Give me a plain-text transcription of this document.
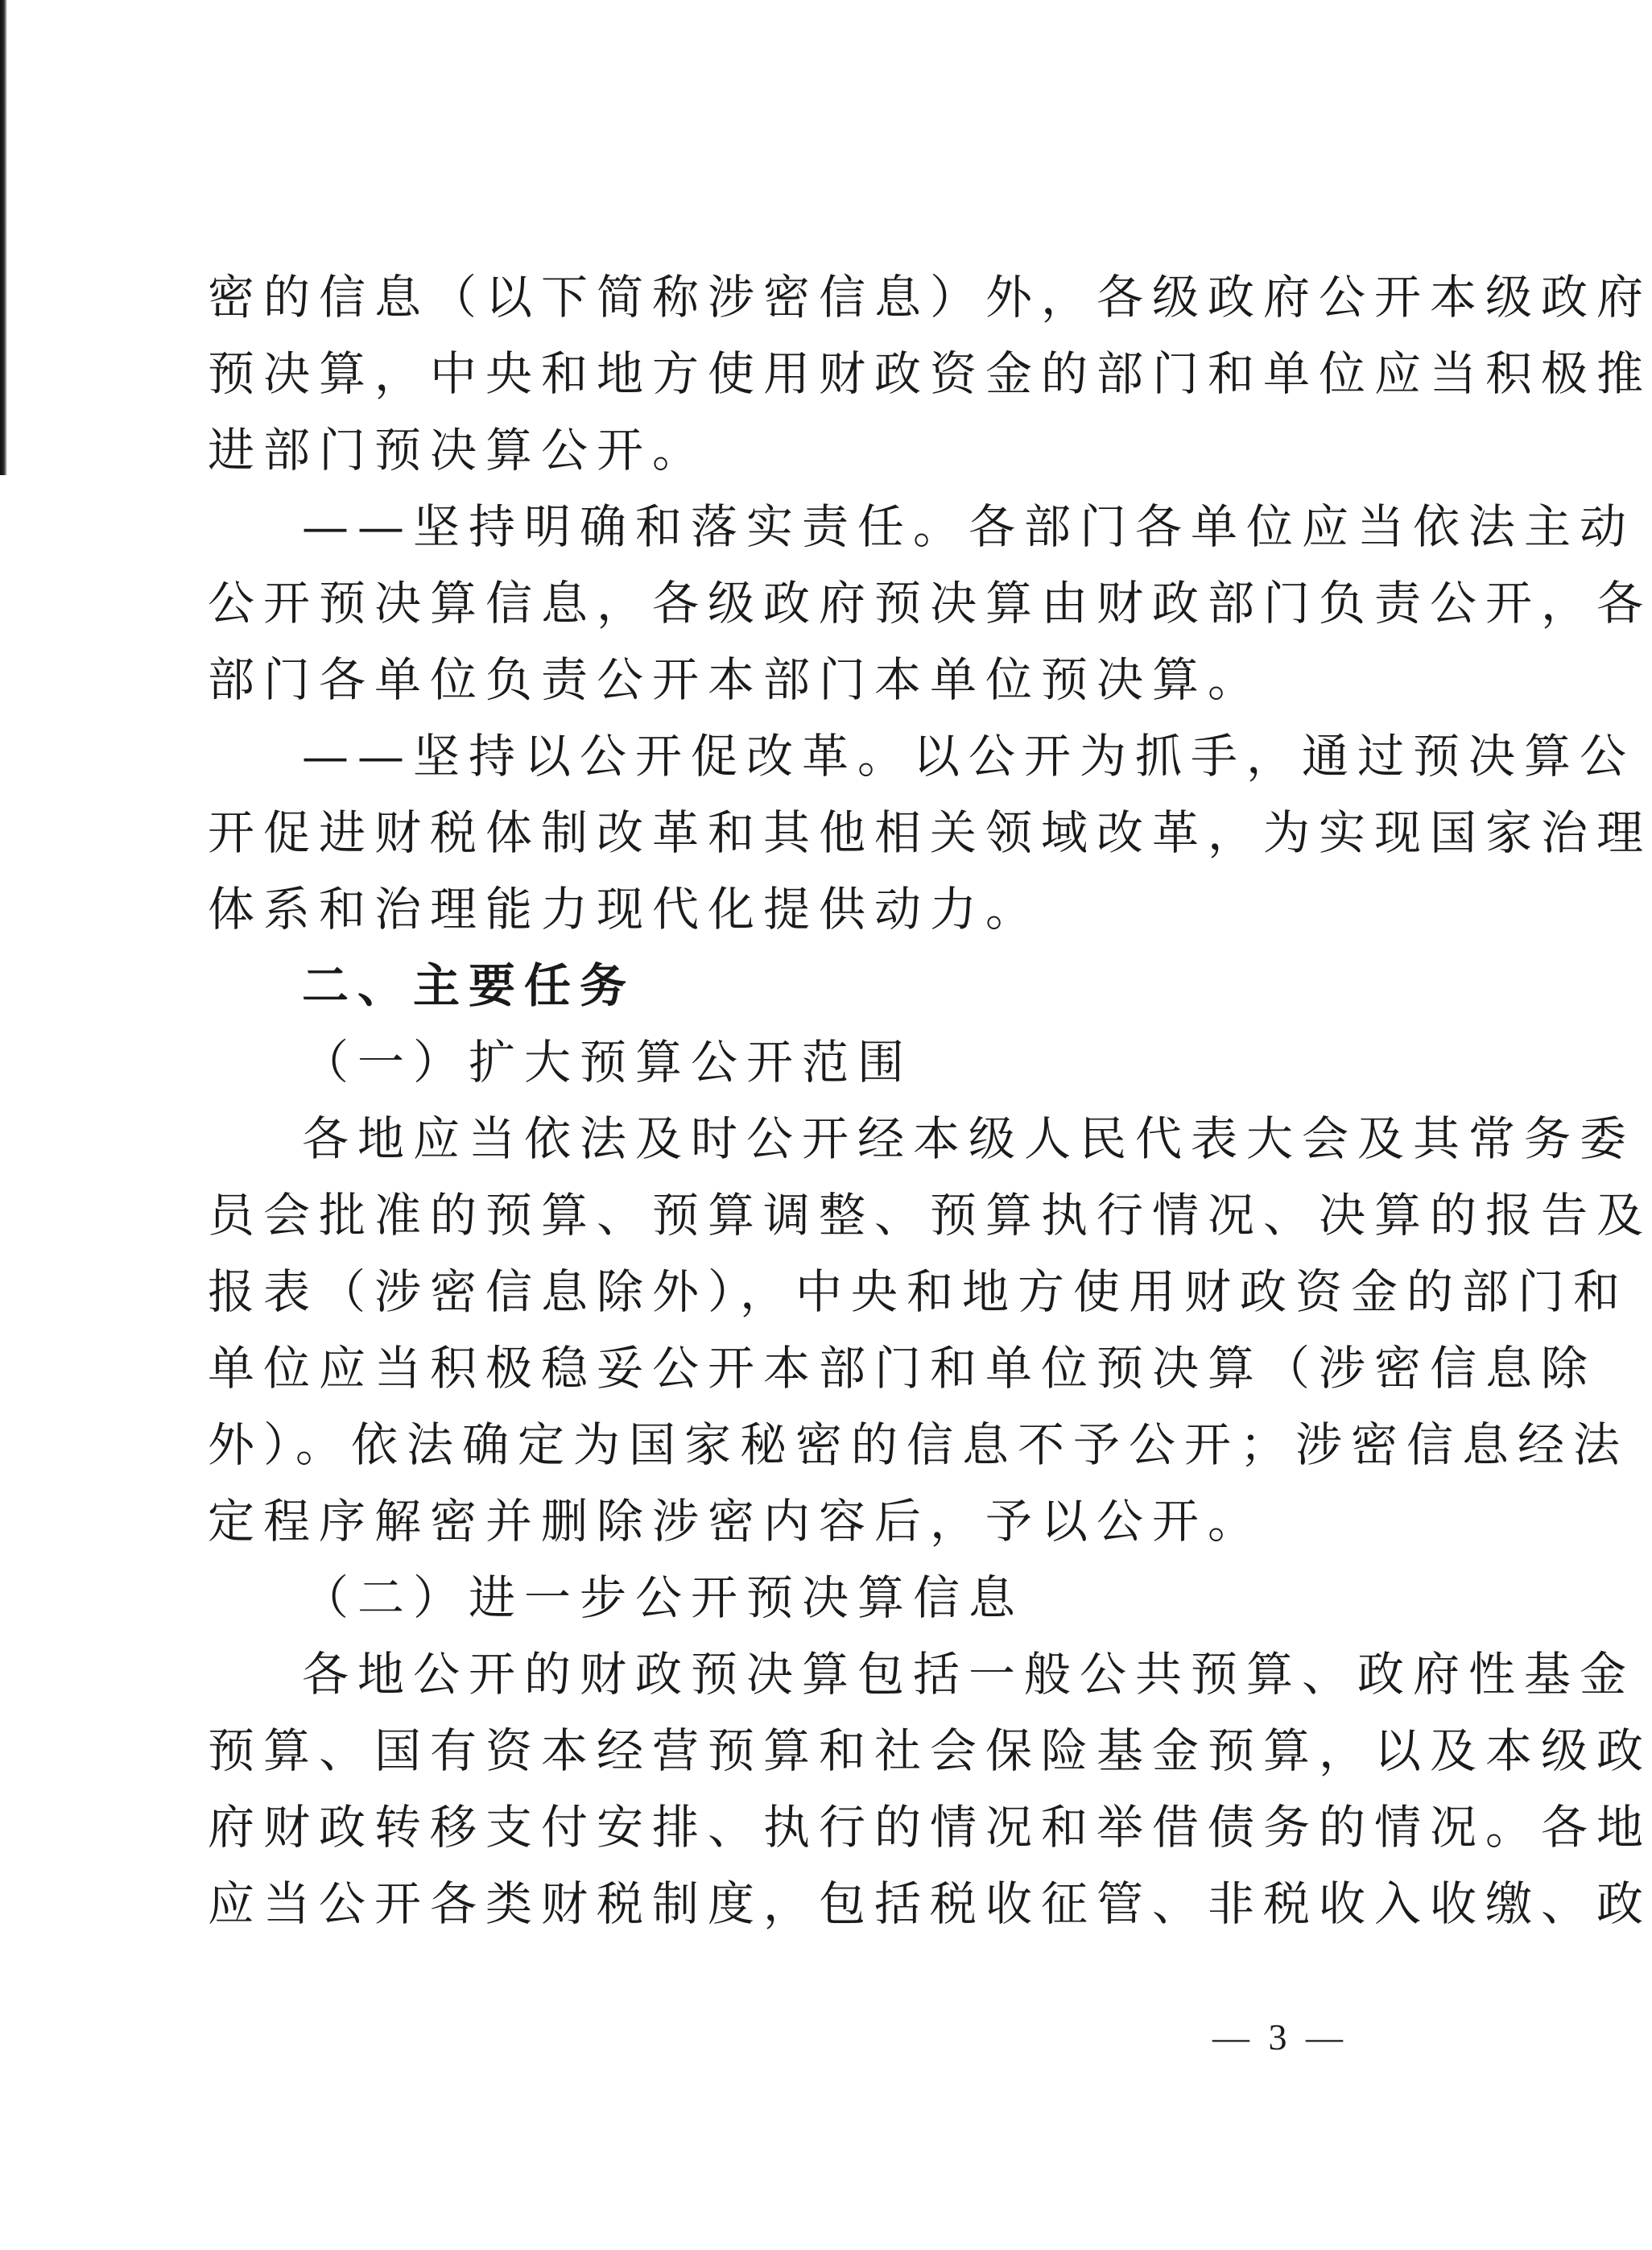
密的信息（以下简称涉密信息）外，各级政府公开本级政府
预决算，中央和地方使用财政资金的部门和单位应当积极推
进部门预决算公开。
——坚持明确和落实责任。各部门各单位应当依法主动
公开预决算信息，各级政府预决算由财政部门负责公开，各
部门各单位负责公开本部门本单位预决算。
——坚持以公开促改革。以公开为抓手，通过预决算公
开促进财税体制改革和其他相关领域改革，为实现国家治理
体系和治理能力现代化提供动力。
二、主要任务
（一）扩大预算公开范围
各地应当依法及时公开经本级人民代表大会及其常务委
员会批准的预算、预算调整、预算执行情况、决算的报告及
报表（涉密信息除外），中央和地方使用财政资金的部门和
单位应当积极稳妥公开本部门和单位预决算（涉密信息除
外）。依法确定为国家秘密的信息不予公开；涉密信息经法
定程序解密并删除涉密内容后，予以公开。
（二）进一步公开预决算信息
各地公开的财政预决算包括一般公共预算、政府性基金
预算、国有资本经营预算和社会保险基金预算，以及本级政
府财政转移支付安排、执行的情况和举借债务的情况。各地
应当公开各类财税制度，包括税收征管、非税收入收缴、政
— 3 —
